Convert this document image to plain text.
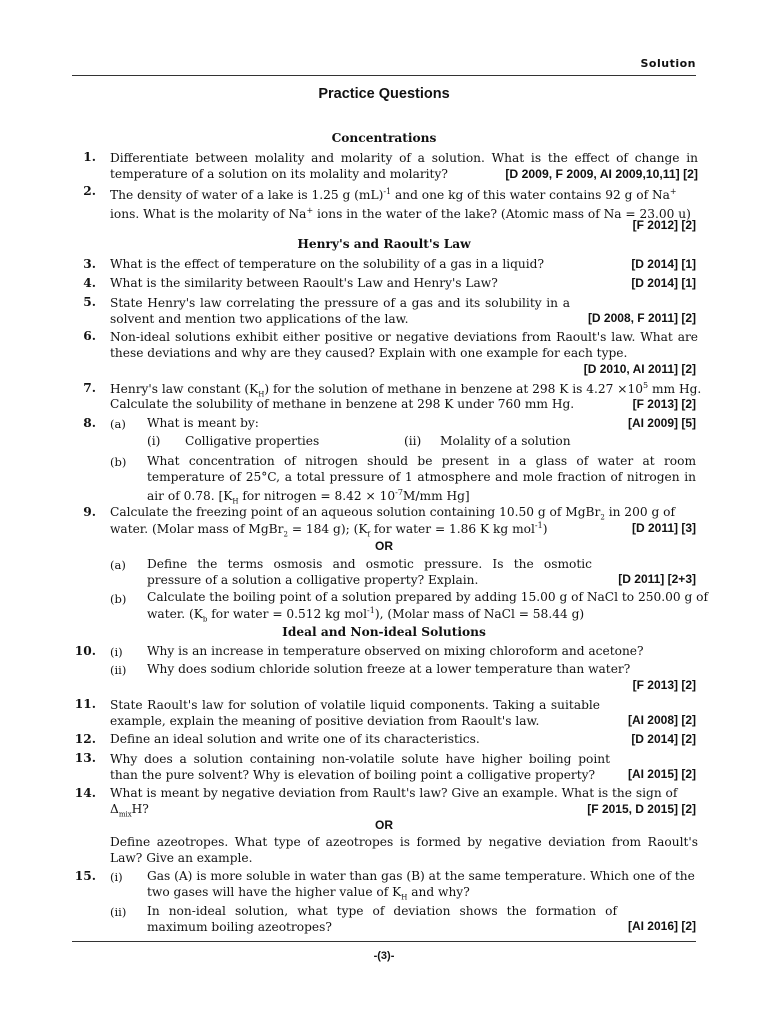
Solution
Practice Questions
Concentrations
1. Differentiate between molality and molarity of a solution. What is the effect of change in temperature of a solution on its molality and molarity?	[D 2009, F 2009, AI 2009,10,11] [2]
2. The density of water of a lake is 1.25 g (mL)$^{-1}$ and one kg of this water contains 92 g of Na+
ions. What is the molarity of Na+ ions in the water of the lake? (Atomic mass of Na = 23.00 u)
[F 2012] [2]
Henry's and Raoult's Law
3. What is the effect of temperature on the solubility of a gas in a liquid?	[D 2014] [1]
4. What is the similarity between Raoult's Law and Henry's Law?	[D 2014] [1]
5. State Henry's law correlating the pressure of a gas and its solubility in a solvent and mention two applications of the law.	[D 2008, F 2011] [2]
6. Non-ideal solutions exhibit either positive or negative deviations from Raoult's law. What are these deviations and why are they caused? Explain with one example for each type.
[D 2010, AI 2011] [2]
7. Henry's law constant $(K_H)$ for the solution of methane in benzene at 298 K is $4.27 \times 10^5$ mm Hg.
Calculate the solubility of methane in benzene at 298 K under 760 mm Hg.	[F 2013] [2]
8. (a) What is meant by:	[AI 2009] [5]
(i) Colligative properties	(ii) Molality of a solution
(b) What concentration of nitrogen should be present in a glass of water at room temperature of 25°C, a total pressure of 1 atmosphere and mole fraction of nitrogen in air of 0.78. [$K_H$ for nitrogen = $8.42 \times 10^{-7}M/mm$ Hg]
9. Calculate the freezing point of an aqueous solution containing 10.50 g of MgBr$_2$ in 200 g of
water. (Molar mass of MgBr$_2$ = 184 g); ($K_f$ for water = 1.86 K kg mol$^{-1}$)	[D 2011] [3]
OR
(a) Define the terms osmosis and osmotic pressure. Is the osmotic pressure of a solution a colligative property? Explain.	[D 2011] [2+3]
(b) Calculate the boiling point of a solution prepared by adding 15.00 g of NaCl to 250.00 g of
water. ($K_b$ for water = 0.512 kg mol$^{-1}$), (Molar mass of NaCl = 58.44 g)
Ideal and Non-ideal Solutions
10. (i) Why is an increase in temperature observed on mixing chloroform and acetone?
(ii) Why does sodium chloride solution freeze at a lower temperature than water?
[F 2013] [2]
11. State Raoult's law for solution of volatile liquid components. Taking a suitable example, explain the meaning of positive deviation from Raoult's law.	[AI 2008] [2]
12. Define an ideal solution and write one of its characteristics.	[D 2014] [2]
13. Why does a solution containing non-volatile solute have higher boiling point than the pure solvent? Why is elevation of boiling point a colligative property?	[AI 2015] [2]
14. What is meant by negative deviation from Rault's law? Give an example. What is the sign of
$\Delta_{mix}H$?	[F 2015, D 2015] [2]
OR
Define azeotropes. What type of azeotropes is formed by negative deviation from Raoult's Law? Give an example.
15. (i) Gas (A) is more soluble in water than gas (B) at the same temperature. Which one of the
two gases will have the higher value of $K_H$ and why?
(ii) In non-ideal solution, what type of deviation shows the formation of maximum boiling azeotropes?	[AI 2016] [2]
-(3)-
